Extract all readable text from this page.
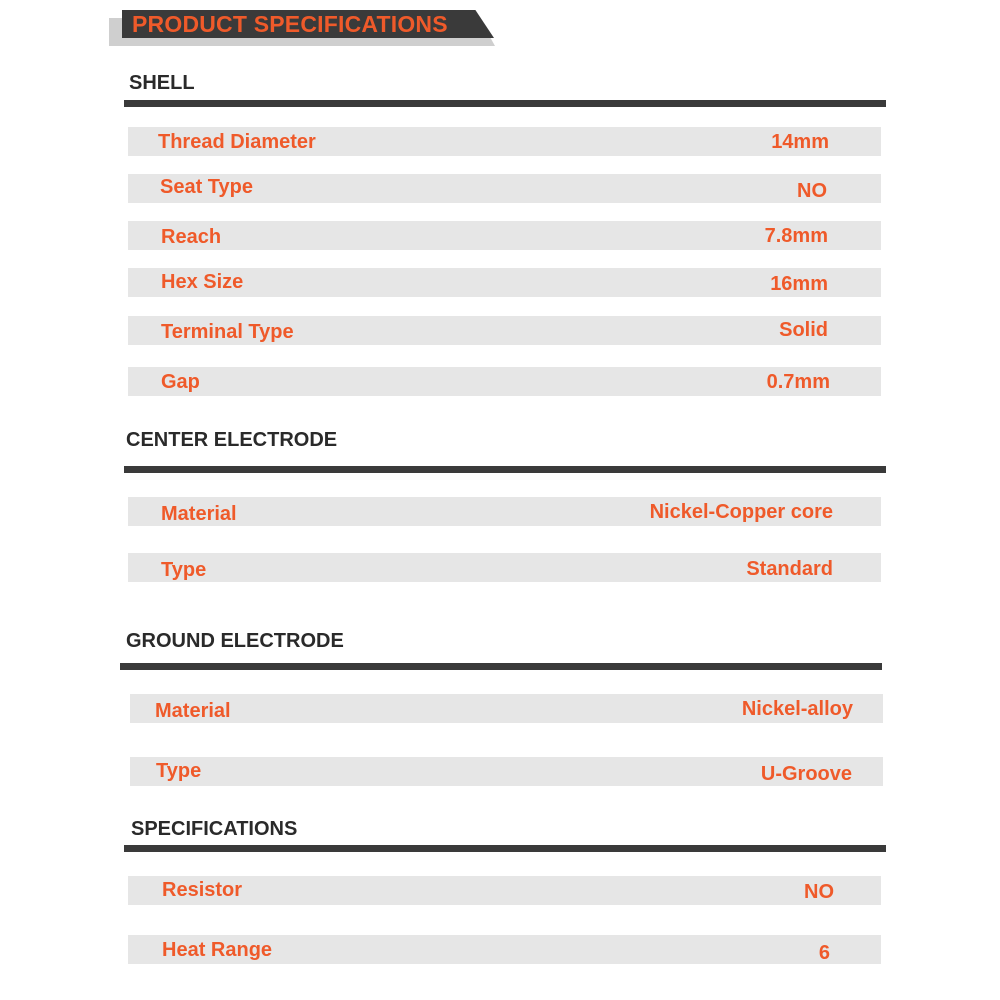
PRODUCT SPECIFICATIONS
SHELL
Thread Diameter	14mm
Seat Type	NO
Reach	7.8mm
Hex Size	16mm
Terminal Type	Solid
Gap	0.7mm
CENTER ELECTRODE
Material	Nickel-Copper core
Type	Standard
GROUND ELECTRODE
Material	Nickel-alloy
Type	U-Groove
SPECIFICATIONS
Resistor	NO
Heat Range	6
